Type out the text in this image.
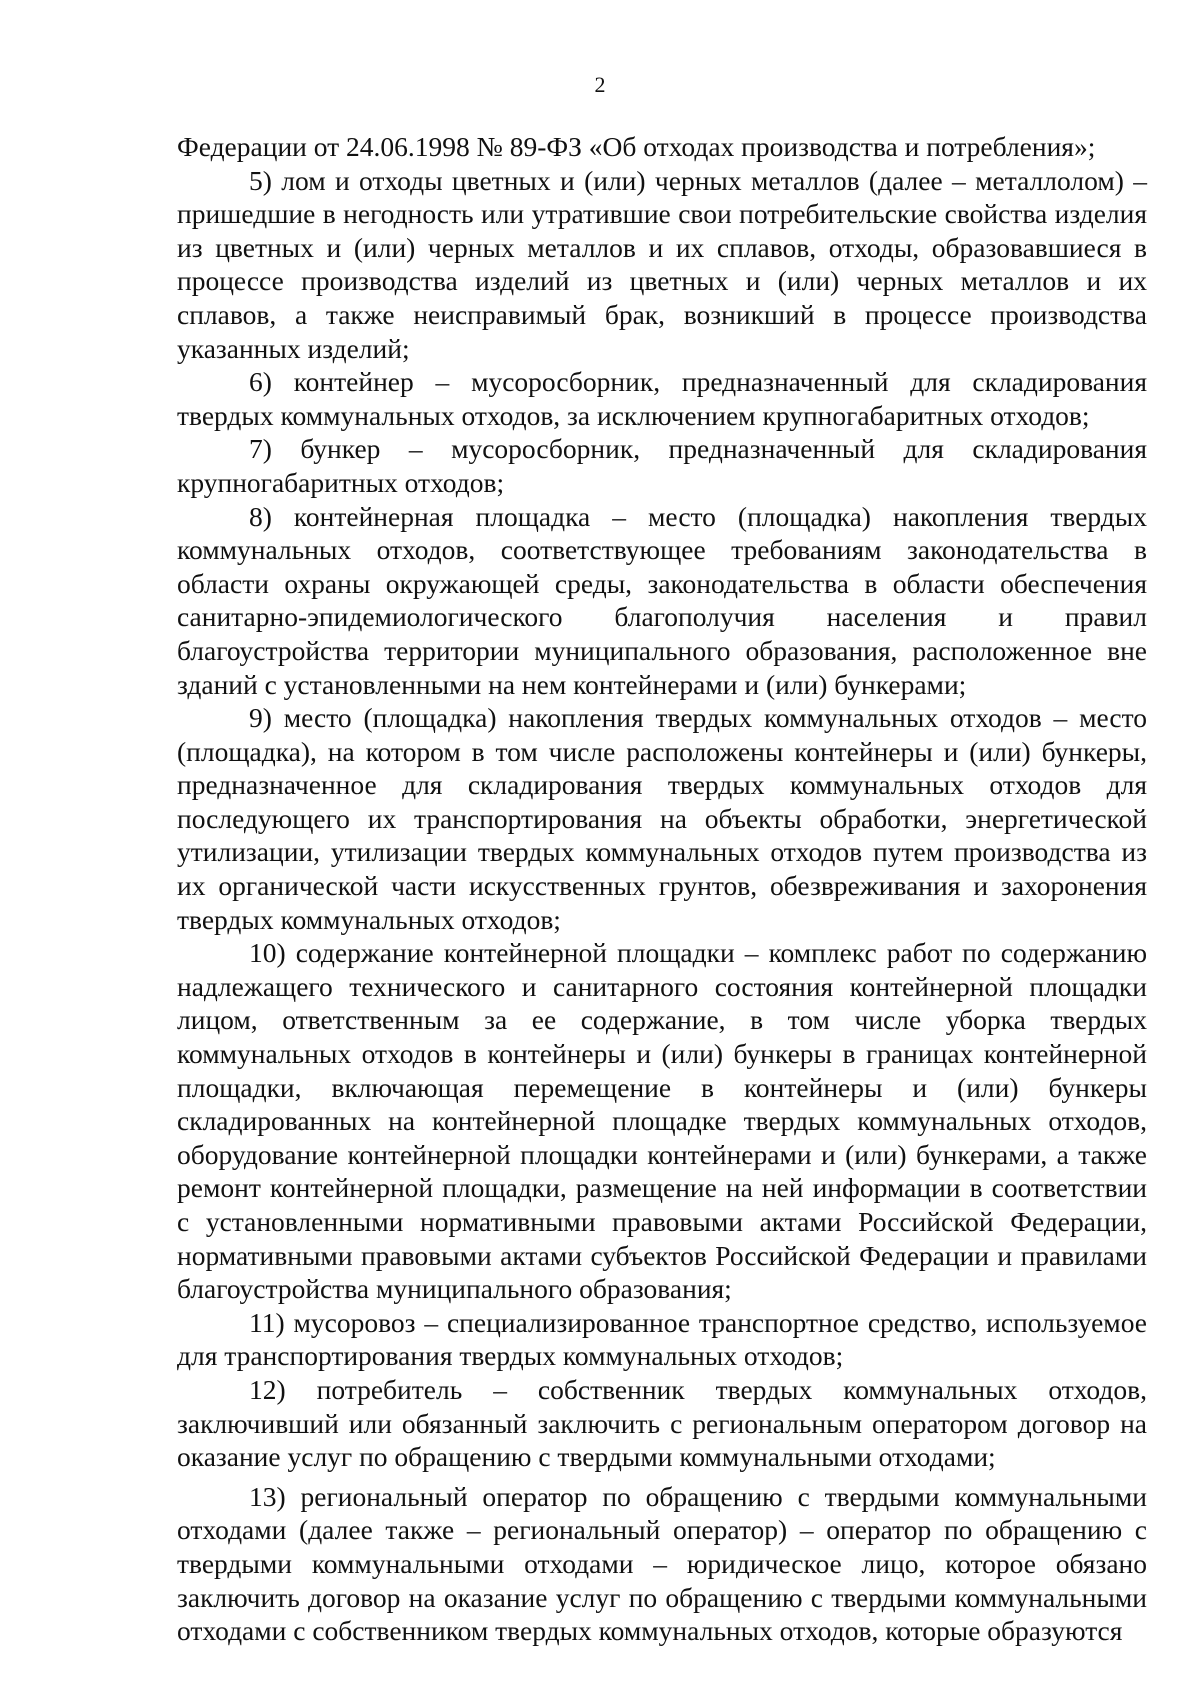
2

Федерации от 24.06.1998 № 89-ФЗ «Об отходах производства и потребления»;

5) лом и отходы цветных и (или) черных металлов (далее – металлолом) – пришедшие в негодность или утратившие свои потребительские свойства изделия из цветных и (или) черных металлов и их сплавов, отходы, образовавшиеся в процессе производства изделий из цветных и (или) черных металлов и их сплавов, а также неисправимый брак, возникший в процессе производства указанных изделий;

6) контейнер – мусоросборник, предназначенный для складирования твердых коммунальных отходов, за исключением крупногабаритных отходов;

7) бункер – мусоросборник, предназначенный для складирования крупногабаритных отходов;

8) контейнерная площадка – место (площадка) накопления твердых коммунальных отходов, соответствующее требованиям законодательства в области охраны окружающей среды, законодательства в области обеспечения санитарно-эпидемиологического благополучия населения и правил благоустройства территории муниципального образования, расположенное вне зданий с установленными на нем контейнерами и (или) бункерами;

9) место (площадка) накопления твердых коммунальных отходов – место (площадка), на котором в том числе расположены контейнеры и (или) бункеры, предназначенное для складирования твердых коммунальных отходов для последующего их транспортирования на объекты обработки, энергетической утилизации, утилизации твердых коммунальных отходов путем производства из их органической части искусственных грунтов, обезвреживания и захоронения твердых коммунальных отходов;

10) содержание контейнерной площадки – комплекс работ по содержанию надлежащего технического и санитарного состояния контейнерной площадки лицом, ответственным за ее содержание, в том числе уборка твердых коммунальных отходов в контейнеры и (или) бункеры в границах контейнерной площадки, включающая перемещение в контейнеры и (или) бункеры складированных на контейнерной площадке твердых коммунальных отходов, оборудование контейнерной площадки контейнерами и (или) бункерами, а также ремонт контейнерной площадки, размещение на ней информации в соответствии с установленными нормативными правовыми актами Российской Федерации, нормативными правовыми актами субъектов Российской Федерации и правилами благоустройства муниципального образования;

11) мусоровоз – специализированное транспортное средство, используемое для транспортирования твердых коммунальных отходов;

12) потребитель – собственник твердых коммунальных отходов, заключивший или обязанный заключить с региональным оператором договор на оказание услуг по обращению с твердыми коммунальными отходами;

13) региональный оператор по обращению с твердыми коммунальными отходами (далее также – региональный оператор) – оператор по обращению с твердыми коммунальными отходами – юридическое лицо, которое обязано заключить договор на оказание услуг по обращению с твердыми коммунальными отходами с собственником твердых коммунальных отходов, которые образуются
